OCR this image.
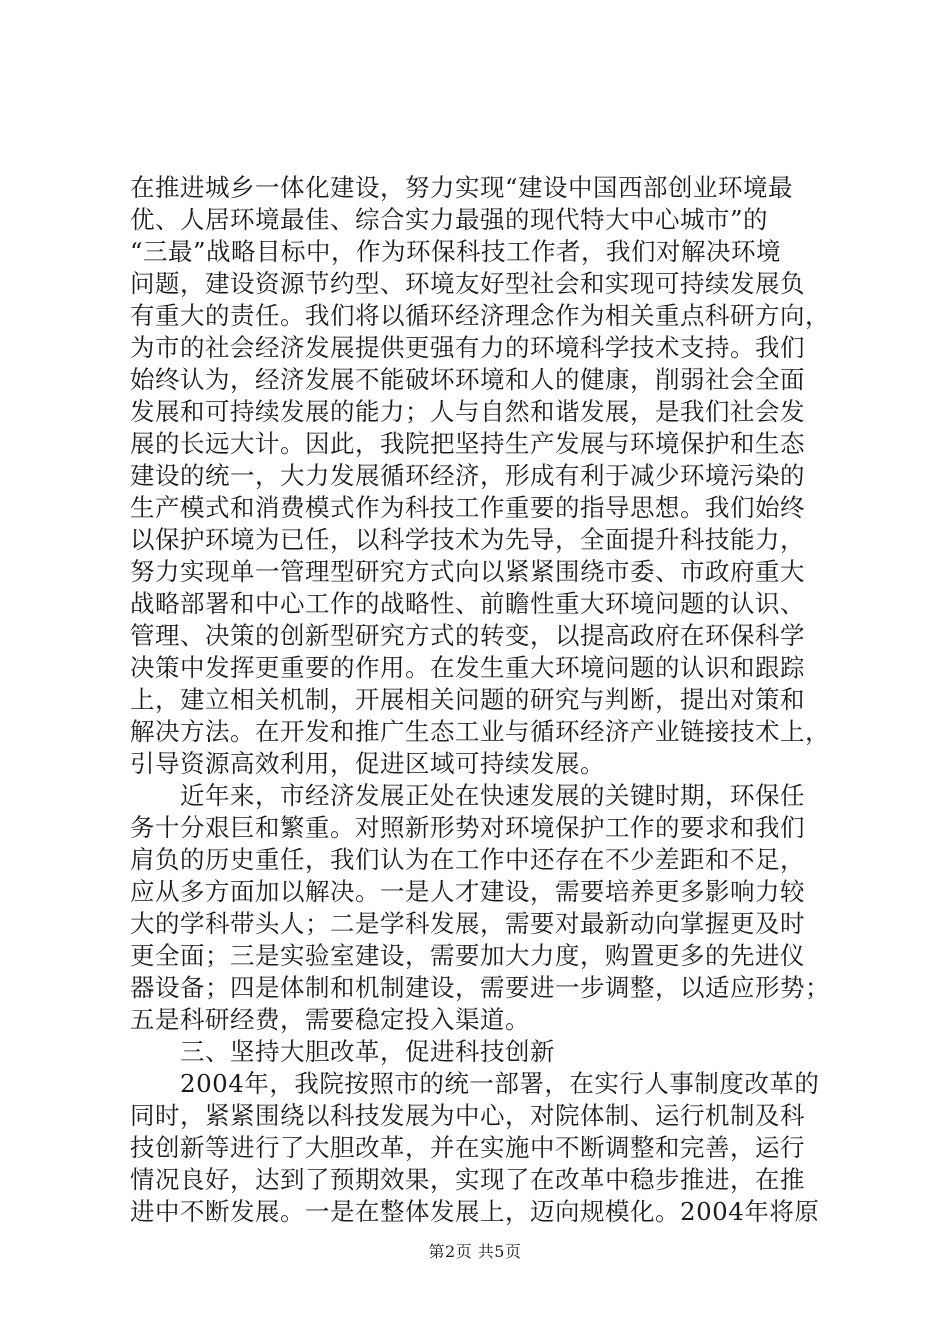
在推进城乡一体化建设，努力实现“建设中国西部创业环境最
优、人居环境最佳、综合实力最强的现代特大中心城市”的
“三最”战略目标中，作为环保科技工作者，我们对解决环境
问题，建设资源节约型、环境友好型社会和实现可持续发展负
有重大的责任。我们将以循环经济理念作为相关重点科研方向，
为市的社会经济发展提供更强有力的环境科学技术支持。我们
始终认为，经济发展不能破坏环境和人的健康，削弱社会全面
发展和可持续发展的能力；人与自然和谐发展，是我们社会发
展的长远大计。因此，我院把坚持生产发展与环境保护和生态
建设的统一，大力发展循环经济，形成有利于减少环境污染的
生产模式和消费模式作为科技工作重要的指导思想。我们始终
以保护环境为已任，以科学技术为先导，全面提升科技能力，
努力实现单一管理型研究方式向以紧紧围绕市委、市政府重大
战略部署和中心工作的战略性、前瞻性重大环境问题的认识、
管理、决策的创新型研究方式的转变，以提高政府在环保科学
决策中发挥更重要的作用。在发生重大环境问题的认识和跟踪
上，建立相关机制，开展相关问题的研究与判断，提出对策和
解决方法。在开发和推广生态工业与循环经济产业链接技术上，
引导资源高效利用，促进区域可持续发展。
近年来，市经济发展正处在快速发展的关键时期，环保任
务十分艰巨和繁重。对照新形势对环境保护工作的要求和我们
肩负的历史重任，我们认为在工作中还存在不少差距和不足，
应从多方面加以解决。一是人才建设，需要培养更多影响力较
大的学科带头人；二是学科发展，需要对最新动向掌握更及时
更全面；三是实验室建设，需要加大力度，购置更多的先进仪
器设备；四是体制和机制建设，需要进一步调整，以适应形势；
五是科研经费，需要稳定投入渠道。
三、坚持大胆改革，促进科技创新
2004年，我院按照市的统一部署，在实行人事制度改革的
同时，紧紧围绕以科技发展为中心，对院体制、运行机制及科
技创新等进行了大胆改革，并在实施中不断调整和完善，运行
情况良好，达到了预期效果，实现了在改革中稳步推进，在推
进中不断发展。一是在整体发展上，迈向规模化。2004年将原
第2页 共5页
